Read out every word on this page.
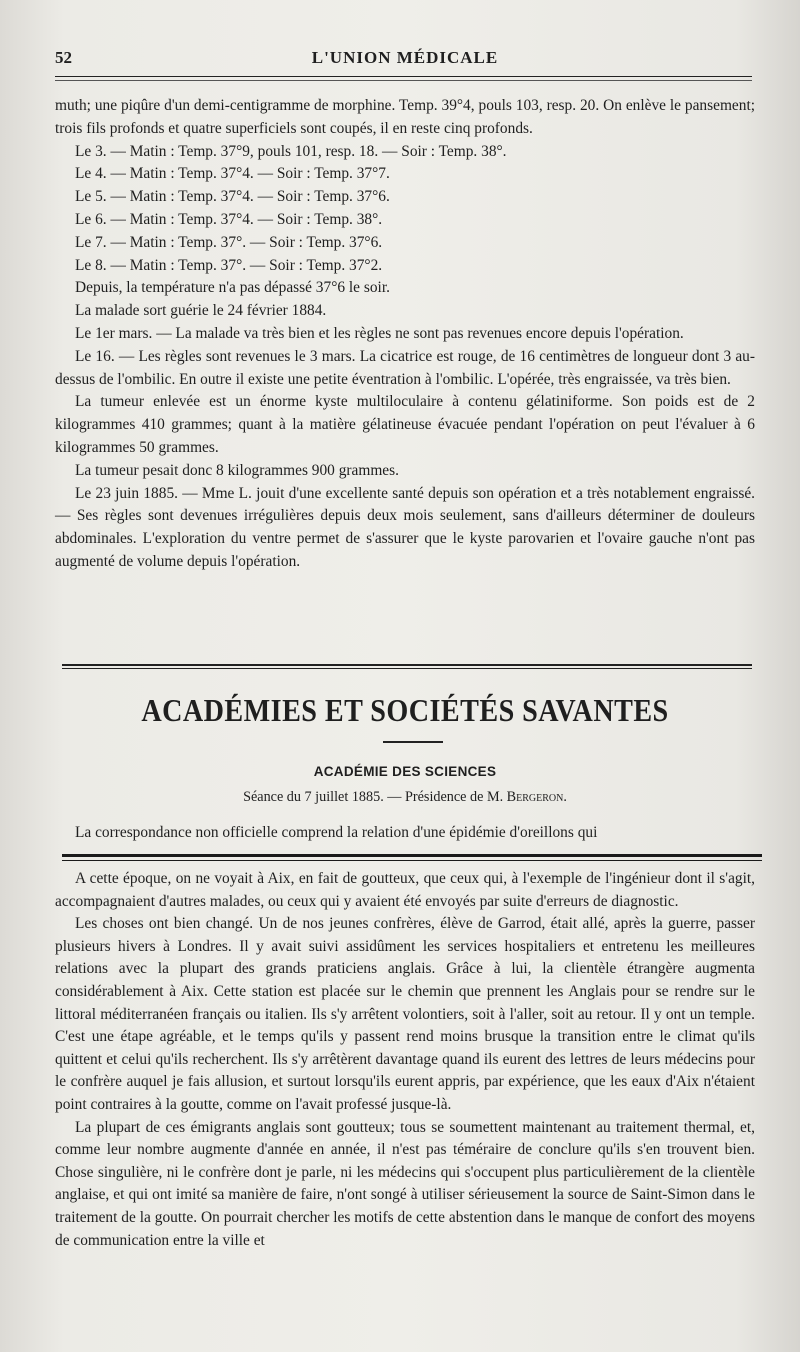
52	L'UNION MÉDICALE

muth; une piqûre d'un demi-centigramme de morphine. Temp. 39°4, pouls 103, resp. 20. On enlève le pansement; trois fils profonds et quatre superficiels sont coupés, il en reste cinq profonds.

Le 3. — Matin : Temp. 37°9, pouls 101, resp. 18. — Soir : Temp. 38°.

Le 4. — Matin : Temp. 37°4. — Soir : Temp. 37°7.

Le 5. — Matin : Temp. 37°4. — Soir : Temp. 37°6.

Le 6. — Matin : Temp. 37°4. — Soir : Temp. 38°.

Le 7. — Matin : Temp. 37°. — Soir : Temp. 37°6.

Le 8. — Matin : Temp. 37°. — Soir : Temp. 37°2.

Depuis, la température n'a pas dépassé 37°6 le soir.

La malade sort guérie le 24 février 1884.

Le 1er mars. — La malade va très bien et les règles ne sont pas revenues encore depuis l'opération.

Le 16. — Les règles sont revenues le 3 mars. La cicatrice est rouge, de 16 centimètres de longueur dont 3 au-dessus de l'ombilic. En outre il existe une petite éventration à l'ombilic. L'opérée, très engraissée, va très bien.

La tumeur enlevée est un énorme kyste multiloculaire à contenu gélatiniforme. Son poids est de 2 kilogrammes 410 grammes; quant à la matière gélatineuse évacuée pendant l'opération on peut l'évaluer à 6 kilogrammes 50 grammes.

La tumeur pesait donc 8 kilogrammes 900 grammes.

Le 23 juin 1885. — Mme L. jouit d'une excellente santé depuis son opération et a très notablement engraissé. — Ses règles sont devenues irrégulières depuis deux mois seulement, sans d'ailleurs déterminer de douleurs abdominales. L'exploration du ventre permet de s'assurer que le kyste parovarien et l'ovaire gauche n'ont pas augmenté de volume depuis l'opération.

ACADÉMIES ET SOCIÉTÉS SAVANTES
ACADÉMIE DES SCIENCES
Séance du 7 juillet 1885. — Présidence de M. Bergeron.

La correspondance non officielle comprend la relation d'une épidémie d'oreillons qui

A cette époque, on ne voyait à Aix, en fait de goutteux, que ceux qui, à l'exemple de l'ingénieur dont il s'agit, accompagnaient d'autres malades, ou ceux qui y avaient été envoyés par suite d'erreurs de diagnostic.

Les choses ont bien changé. Un de nos jeunes confrères, élève de Garrod, était allé, après la guerre, passer plusieurs hivers à Londres. Il y avait suivi assidûment les services hospitaliers et entretenu les meilleures relations avec la plupart des grands praticiens anglais. Grâce à lui, la clientèle étrangère augmenta considérablement à Aix. Cette station est placée sur le chemin que prennent les Anglais pour se rendre sur le littoral méditerranéen français ou italien. Ils s'y arrêtent volontiers, soit à l'aller, soit au retour. Il y ont un temple. C'est une étape agréable, et le temps qu'ils y passent rend moins brusque la transition entre le climat qu'ils quittent et celui qu'ils recherchent. Ils s'y arrêtèrent davantage quand ils eurent des lettres de leurs médecins pour le confrère auquel je fais allusion, et surtout lorsqu'ils eurent appris, par expérience, que les eaux d'Aix n'étaient point contraires à la goutte, comme on l'avait professé jusque-là.

La plupart de ces émigrants anglais sont goutteux; tous se soumettent maintenant au traitement thermal, et, comme leur nombre augmente d'année en année, il n'est pas téméraire de conclure qu'ils s'en trouvent bien. Chose singulière, ni le confrère dont je parle, ni les médecins qui s'occupent plus particulièrement de la clientèle anglaise, et qui ont imité sa manière de faire, n'ont songé à utiliser sérieusement la source de Saint-Simon dans le traitement de la goutte. On pourrait chercher les motifs de cette abstention dans le manque de confort des moyens de communication entre la ville et
